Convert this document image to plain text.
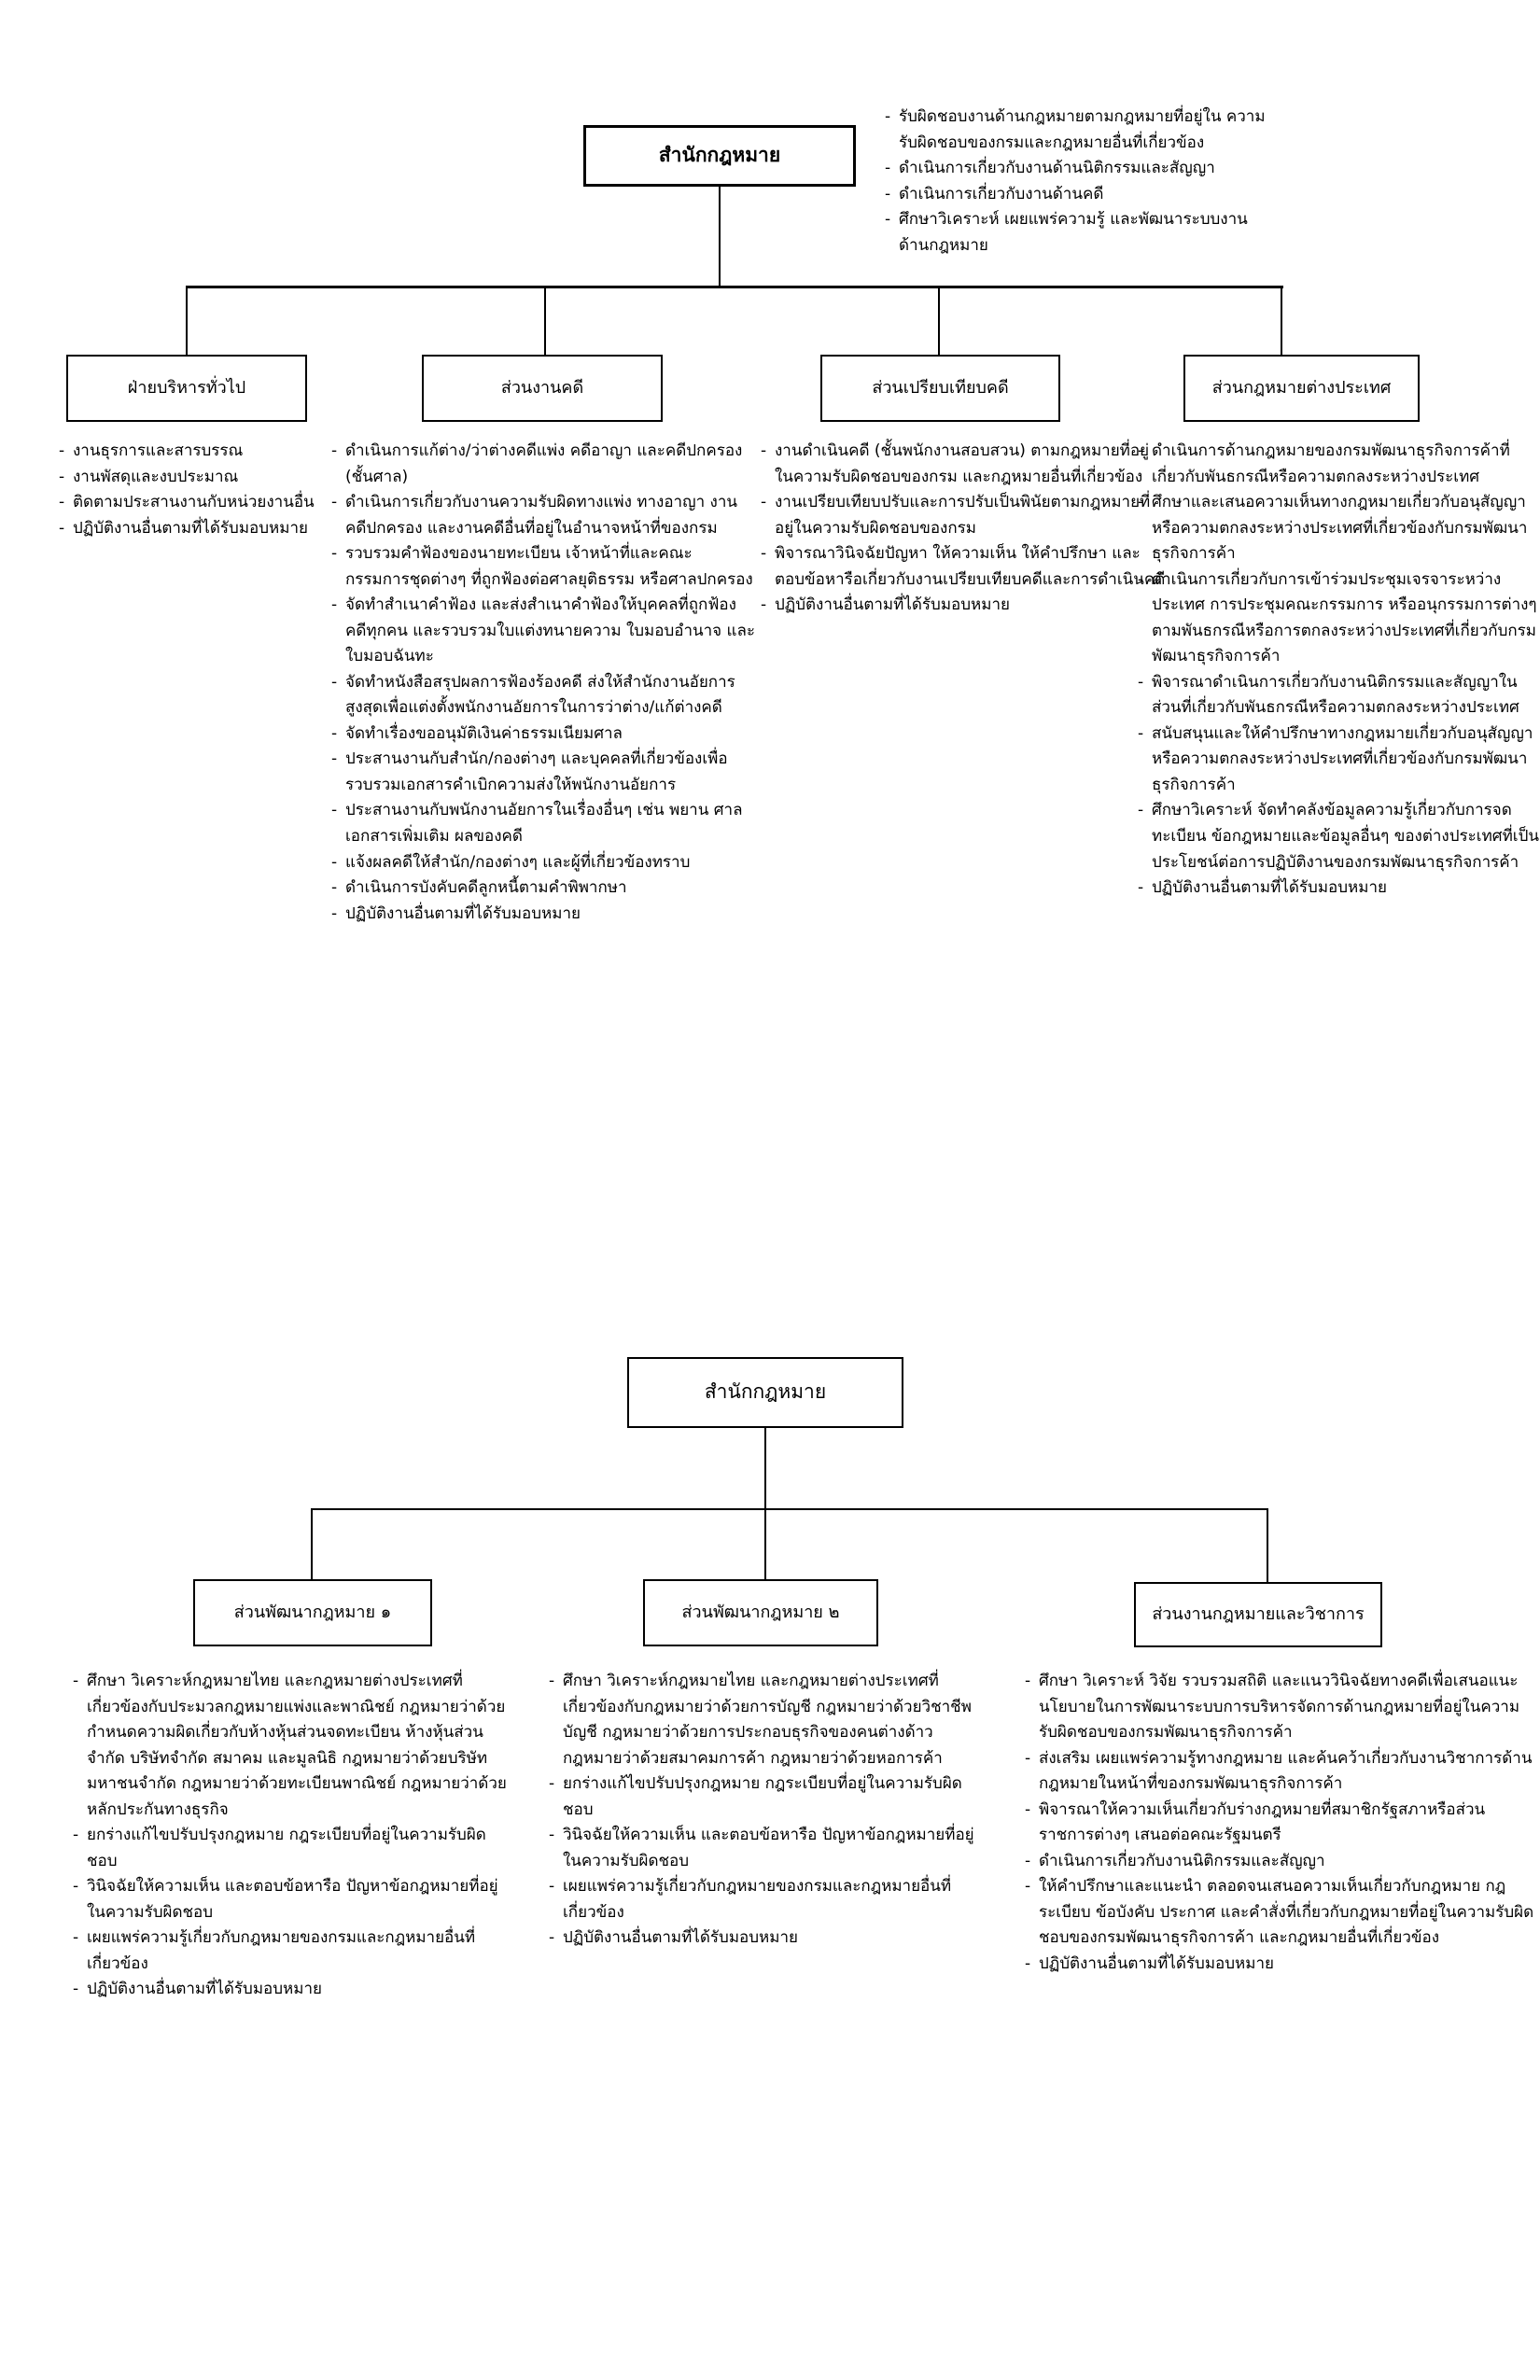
สำนักกฎหมาย
- รับผิดชอบงานด้านกฎหมายตามกฎหมายที่อยู่ใน ความรับผิดชอบของกรมและกฎหมายอื่นที่เกี่ยวข้อง
- ดำเนินการเกี่ยวกับงานด้านนิติกรรมและสัญญา
- ดำเนินการเกี่ยวกับงานด้านคดี
- ศึกษาวิเคราะห์ เผยแพร่ความรู้ และพัฒนาระบบงาน ด้านกฎหมาย
ฝ่ายบริหารทั่วไป	ส่วนงานคดี	ส่วนเปรียบเทียบคดี	ส่วนกฎหมายต่างประเทศ
- งานธุรการและสารบรรณ
- งานพัสดุและงบประมาณ
- ติดตามประสานงานกับหน่วยงานอื่น
- ปฏิบัติงานอื่นตามที่ได้รับมอบหมาย
- ดำเนินการแก้ต่าง/ว่าต่างคดีแพ่ง คดีอาญา และคดีปกครอง (ชั้นศาล)
- ดำเนินการเกี่ยวกับงานความรับผิดทางแพ่ง ทางอาญา งานคดีปกครอง และงานคดีอื่นที่อยู่ในอำนาจหน้าที่ของกรม
- รวบรวมคำฟ้องของนายทะเบียน เจ้าหน้าที่และคณะกรรมการชุดต่างๆ ที่ถูกฟ้องต่อศาลยุติธรรม หรือศาลปกครอง
- จัดทำสำเนาคำฟ้อง และส่งสำเนาคำฟ้องให้บุคคลที่ถูกฟ้องคดีทุกคน และรวบรวมใบแต่งทนายความ ใบมอบอำนาจ และใบมอบฉันทะ
- จัดทำหนังสือสรุปผลการฟ้องร้องคดี ส่งให้สำนักงานอัยการสูงสุดเพื่อแต่งตั้งพนักงานอัยการในการว่าต่าง/แก้ต่างคดี
- จัดทำเรื่องขออนุมัติเงินค่าธรรมเนียมศาล
- ประสานงานกับสำนัก/กองต่างๆ และบุคคลที่เกี่ยวข้องเพื่อรวบรวมเอกสารคำเบิกความส่งให้พนักงานอัยการ
- ประสานงานกับพนักงานอัยการในเรื่องอื่นๆ เช่น พยาน ศาล เอกสารเพิ่มเติม ผลของคดี
- แจ้งผลคดีให้สำนัก/กองต่างๆ และผู้ที่เกี่ยวข้องทราบ
- ดำเนินการบังคับคดีลูกหนี้ตามคำพิพากษา
- ปฏิบัติงานอื่นตามที่ได้รับมอบหมาย
- งานดำเนินคดี (ชั้นพนักงานสอบสวน) ตามกฎหมายที่อยู่ในความรับผิดชอบของกรม และกฎหมายอื่นที่เกี่ยวข้อง
- งานเปรียบเทียบปรับและการปรับเป็นพินัยตามกฎหมายที่อยู่ในความรับผิดชอบของกรม
- พิจารณาวินิจฉัยปัญหา ให้ความเห็น ให้คำปรึกษา และตอบข้อหารือเกี่ยวกับงานเปรียบเทียบคดีและการดำเนินคดี
- ปฏิบัติงานอื่นตามที่ได้รับมอบหมาย
- ดำเนินการด้านกฎหมายของกรมพัฒนาธุรกิจการค้าที่เกี่ยวกับพันธกรณีหรือความตกลงระหว่างประเทศ
- ศึกษาและเสนอความเห็นทางกฎหมายเกี่ยวกับอนุสัญญาหรือความตกลงระหว่างประเทศที่เกี่ยวข้องกับกรมพัฒนาธุรกิจการค้า
- ดำเนินการเกี่ยวกับการเข้าร่วมประชุมเจรจาระหว่างประเทศ การประชุมคณะกรรมการ หรืออนุกรรมการต่างๆ ตามพันธกรณีหรือการตกลงระหว่างประเทศที่เกี่ยวกับกรมพัฒนาธุรกิจการค้า
- พิจารณาดำเนินการเกี่ยวกับงานนิติกรรมและสัญญาในส่วนที่เกี่ยวกับพันธกรณีหรือความตกลงระหว่างประเทศ
- สนับสนุนและให้คำปรึกษาทางกฎหมายเกี่ยวกับอนุสัญญาหรือความตกลงระหว่างประเทศที่เกี่ยวข้องกับกรมพัฒนาธุรกิจการค้า
- ศึกษาวิเคราะห์ จัดทำคลังข้อมูลความรู้เกี่ยวกับการจดทะเบียน ข้อกฎหมายและข้อมูลอื่นๆ ของต่างประเทศที่เป็นประโยชน์ต่อการปฏิบัติงานของกรมพัฒนาธุรกิจการค้า
- ปฏิบัติงานอื่นตามที่ได้รับมอบหมาย
สำนักกฎหมาย
ส่วนพัฒนากฎหมาย ๑	ส่วนพัฒนากฎหมาย ๒	ส่วนงานกฎหมายและวิชาการ
- ศึกษา วิเคราะห์กฎหมายไทย และกฎหมายต่างประเทศที่เกี่ยวข้องกับประมวลกฎหมายแพ่งและพาณิชย์ กฎหมายว่าด้วยกำหนดความผิดเกี่ยวกับห้างหุ้นส่วนจดทะเบียน ห้างหุ้นส่วนจำกัด บริษัทจำกัด สมาคม และมูลนิธิ กฎหมายว่าด้วยบริษัทมหาชนจำกัด กฎหมายว่าด้วยทะเบียนพาณิชย์ กฎหมายว่าด้วยหลักประกันทางธุรกิจ
- ยกร่างแก้ไขปรับปรุงกฎหมาย กฎระเบียบที่อยู่ในความรับผิดชอบ
- วินิจฉัยให้ความเห็น และตอบข้อหารือ ปัญหาข้อกฎหมายที่อยู่ในความรับผิดชอบ
- เผยแพร่ความรู้เกี่ยวกับกฎหมายของกรมและกฎหมายอื่นที่เกี่ยวข้อง
- ปฏิบัติงานอื่นตามที่ได้รับมอบหมาย
- ศึกษา วิเคราะห์กฎหมายไทย และกฎหมายต่างประเทศที่เกี่ยวข้องกับกฎหมายว่าด้วยการบัญชี กฎหมายว่าด้วยวิชาชีพบัญชี กฎหมายว่าด้วยการประกอบธุรกิจของคนต่างด้าว กฎหมายว่าด้วยสมาคมการค้า กฎหมายว่าด้วยหอการค้า
- ยกร่างแก้ไขปรับปรุงกฎหมาย กฎระเบียบที่อยู่ในความรับผิดชอบ
- วินิจฉัยให้ความเห็น และตอบข้อหารือ ปัญหาข้อกฎหมายที่อยู่ในความรับผิดชอบ
- เผยแพร่ความรู้เกี่ยวกับกฎหมายของกรมและกฎหมายอื่นที่เกี่ยวข้อง
- ปฏิบัติงานอื่นตามที่ได้รับมอบหมาย
- ศึกษา วิเคราะห์ วิจัย รวบรวมสถิติ และแนววินิจฉัยทางคดีเพื่อเสนอแนะนโยบายในการพัฒนาระบบการบริหารจัดการด้านกฎหมายที่อยู่ในความรับผิดชอบของกรมพัฒนาธุรกิจการค้า
- ส่งเสริม เผยแพร่ความรู้ทางกฎหมาย และค้นคว้าเกี่ยวกับงานวิชาการด้านกฎหมายในหน้าที่ของกรมพัฒนาธุรกิจการค้า
- พิจารณาให้ความเห็นเกี่ยวกับร่างกฎหมายที่สมาชิกรัฐสภาหรือส่วนราชการต่างๆ เสนอต่อคณะรัฐมนตรี
- ดำเนินการเกี่ยวกับงานนิติกรรมและสัญญา
- ให้คำปรึกษาและแนะนำ ตลอดจนเสนอความเห็นเกี่ยวกับกฎหมาย กฎ ระเบียบ ข้อบังคับ ประกาศ และคำสั่งที่เกี่ยวกับกฎหมายที่อยู่ในความรับผิดชอบของกรมพัฒนาธุรกิจการค้า และกฎหมายอื่นที่เกี่ยวข้อง
- ปฏิบัติงานอื่นตามที่ได้รับมอบหมาย
